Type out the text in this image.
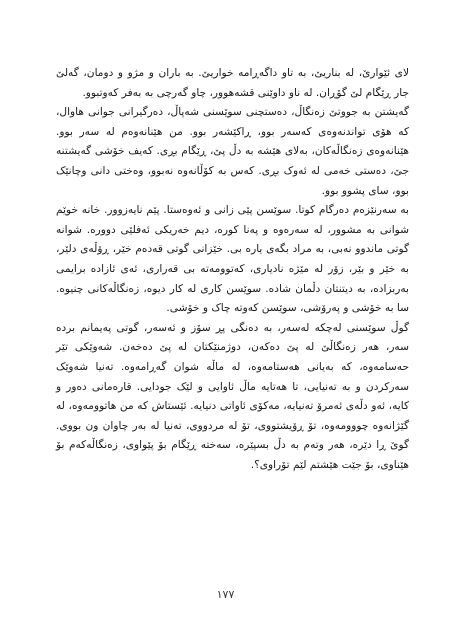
لای ئێوارێ، لە بناریێ، بە تاو داگەڕامە خواریێ. بە باران و مژو و دومان، گەلێ جار ڕێگام لێ گۆڕان. لە ناو داوێنی قشەهوور، چاو گەرچی بە بەفر کەوتبوو.

گەیشتن بە جووتێ زەنگاڵ، دەستچنی سوێسنی شەپاڵ، دەرگیرانی جوانی هاوال، کە هۆی تواندنەوەی کەسەر بوو، ڕاکێشەر بوو. من هێنانەوەم لە سەر بوو. هێنانەوەی زەنگاڵەکان، بەلای هێشە بە دڵ پێ، ڕێگام بڕی. کەیف خۆشی گەیشتنە جێ، دەستی خەمی لە ئەوک بڕی. کەس بە کۆڵانەوە نەبوو، وەختی دانی وچانێک بوو، سای پشوو بوو.

بە سەرنێزەم دەرگام کوتا. سوێسن پێی زانی و ئەوەستا. پێم نایەزوور. خانە خوێم شوانی بە مشوور، لە سەرەوە و پەنا کورە، دیم خەریکی ئەفلێی دووره. شوانە گوتی ماندوو نەبی، بە مراد بگەی یارە بی. خێزانی گوتی قەدەم خێر، ڕۆڵەی دلێر، بە خێر و بێر، زۆر لە مێژە نادیاری، کەتوومەتە بی قەراری، ئەی ئازادە برایمی بەربزادە، بە دیتنتان دڵمان شادە. سوێسن کاری لە کار دیوە، زەنگاڵەکانی چنیوە. سا بە خۆشی و پەرۆشی، سوێسن کەوتە چاک و خۆشی.

گوڵ سوێسنی لەچکە لەسەر، بە دەنگی پڕ سۆز و ئەسەر، گوتی پەیمانم بردە سەر، هەر زەنگاڵێ لە پێ دەکەن، دوژمنێکتان لە پێ دەخەن. شەوێکی تێر حەسامەوە، کە بەیانی هەستامەوە، لە ماڵە شوان گەڕامەوە. تەنیا شەوێک سەرکردن و بە تەنیایی، تا هەتایە ماڵ ئاوایی و لێک جودایی. قارەمانی دەور و کایە، ئەو دڵەی ئەمرۆ تەنیایە، مەکۆی ئاواتی دنیایە. ئێستاش کە من هاتوومەوە، لە گێژانەوە چووومەوە، تۆ ڕۆیشتووی، تۆ لە مردووی، تەنیا لە بەر چاوان ون بووی. گوێ ڕا دێرە، هەر وتەم بە دڵ بسپێرە، سەختە ڕێگام بۆ پێواوی، زەنگاڵەکەم بۆ هێناوی، بۆ جێت هێشتم لێم تۆراوی؟.

١٧٧
